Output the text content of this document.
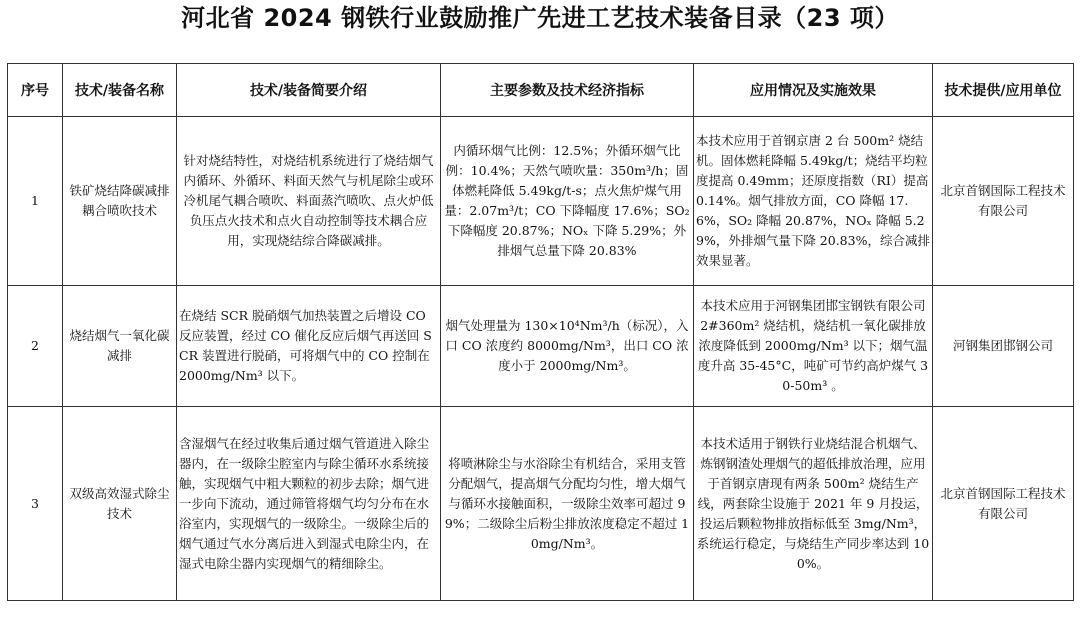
河北省 2024 钢铁行业鼓励推广先进工艺技术装备目录（23 项）
序号	技术/装备名称	技术/装备简要介绍	主要参数及技术经济指标	应用情况及实施效果	技术提供/应用单位
1	铁矿烧结降碳减排耦合喷吹技术	针对烧结特性，对烧结机系统进行了烧结烟气内循环、外循环、料面天然气与机尾除尘或环冷机尾气耦合喷吹、料面蒸汽喷吹、点火炉低负压点火技术和点火自动控制等技术耦合应用，实现烧结综合降碳减排。	内循环烟气比例：12.5%；外循环烟气比例：10.4%；天然气喷吹量：350m³/h；固体燃耗降低 5.49kg/t-s；点火焦炉煤气用量：2.07m³/t；CO 下降幅度 17.6%；SO₂ 下降幅度 20.87%；NOₓ 下降 5.29%；外排烟气总量下降 20.83%	本技术应用于首钢京唐 2 台 500m² 烧结机。固体燃耗降幅 5.49kg/t；烧结平均粒度提高 0.49mm；还原度指数（RI）提高 0.14%。烟气排放方面，CO 降幅 17.6%，SO₂ 降幅 20.87%，NOₓ 降幅 5.29%，外排烟气量下降 20.83%，综合减排效果显著。	北京首钢国际工程技术有限公司
2	烧结烟气一氧化碳减排	在烧结 SCR 脱硝烟气加热装置之后增设 CO 反应装置，经过 CO 催化反应后烟气再送回 SCR 装置进行脱硝，可将烟气中的 CO 控制在 2000mg/Nm³ 以下。	烟气处理量为 130×10⁴Nm³/h（标况），入口 CO 浓度约 8000mg/Nm³，出口 CO 浓度小于 2000mg/Nm³。	本技术应用于河钢集团邯宝钢铁有限公司 2#360m² 烧结机，烧结机一氧化碳排放浓度降低到 2000mg/Nm³ 以下；烟气温度升高 35-45°C，吨矿可节约高炉煤气 30-50m³ 。	河钢集团邯钢公司
3	双级高效湿式除尘技术	含湿烟气在经过收集后通过烟气管道进入除尘器内，在一级除尘腔室内与除尘循环水系统接触，实现烟气中粗大颗粒的初步去除；烟气进一步向下流动，通过筛管将烟气均匀分布在水浴室内，实现烟气的一级除尘。一级除尘后的烟气通过气水分离后进入到湿式电除尘内，在湿式电除尘器内实现烟气的精细除尘。	将喷淋除尘与水浴除尘有机结合，采用支管分配烟气，提高烟气分配均匀性，增大烟气与循环水接触面积，一级除尘效率可超过 99%；二级除尘后粉尘排放浓度稳定不超过 10mg/Nm³。	本技术适用于钢铁行业烧结混合机烟气、炼钢钢渣处理烟气的超低排放治理，应用于首钢京唐现有两条 500m² 烧结生产线，两套除尘设施于 2021 年 9 月投运，投运后颗粒物排放指标低至 3mg/Nm³，系统运行稳定，与烧结生产同步率达到 100%。	北京首钢国际工程技术有限公司
